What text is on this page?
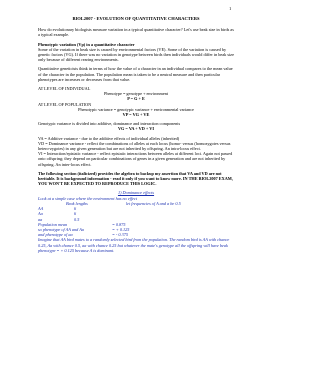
1
BIOL2007 - EVOLUTION OF QUANTITATIVE CHARACTERS

How do evolutionary biologists measure variation in a typical quantitative character? Let's use beak size in birds as a typical example.

Phenotypic variation (Vp) in a quantitative character

Some of the variation in beak size is caused by environmental factors (VE). Some of the variation is caused by genetic factors (VG). If there was no variation in genotype between birds then individuals would differ in beak size only because of different rearing environments.

Quantitative geneticists think in terms of how the value of a character in an individual compares to the mean value of the character in the population. The population mean is taken to be a neutral measure and then particular phenotypes are increases or decreases from that value.

AT LEVEL OF INDIVIDUAL
Phenotype = genotype + environment
P = G + E
AT LEVEL OF POPULATION
Phenotypic variance = genotypic variance + environmental variance
VP = VG + VE
Genotypic variance is divided into additive, dominance and interaction components
VG = VA + VD + VI
VA = Additive variance - due to the additive effects of individual alleles (inherited)
VD = Dominance variance - reflect the combinations of alleles at each locus (homo- versus (homozygotes versus hetero-zygotes) in any given generation but are not inherited by offspring. An intra-locus effect.

VI = Interaction/epistatic variance - reflect epistatic interactions between alleles at different loci. Again not passed onto offspring; they depend on particular combinations of genes in a given generation and are not inherited by offspring. An inter-locus effect.

The following section (italicized) provides the algebra to backup my assertion that VA and VD are not heritable. It is background information - read it only if you want to know more. IN THE BIOL2007 EXAM, YOU WON'T BE EXPECTED TO REPRODUCE THIS LOGIC.

1) Dominance effects
Look at a simple case where the environment has no effect
Beak lengths	let frequencies of A and a be 0.5
AA	6
Aa	6
aa	0.5
Population mean	= 0.875
so phenotype of AA and Aa	= + 0.125
and phenotype of aa	= - 0.375
Imagine that AA bird mates to a randomly selected bird from the population. The random bird is AA with chance 0.25, Aa with chance 0.5, aa with chance 0.25 but whatever the mate's genotype all the offspring will have beak phenotype = + 0.125 because A is dominant.
